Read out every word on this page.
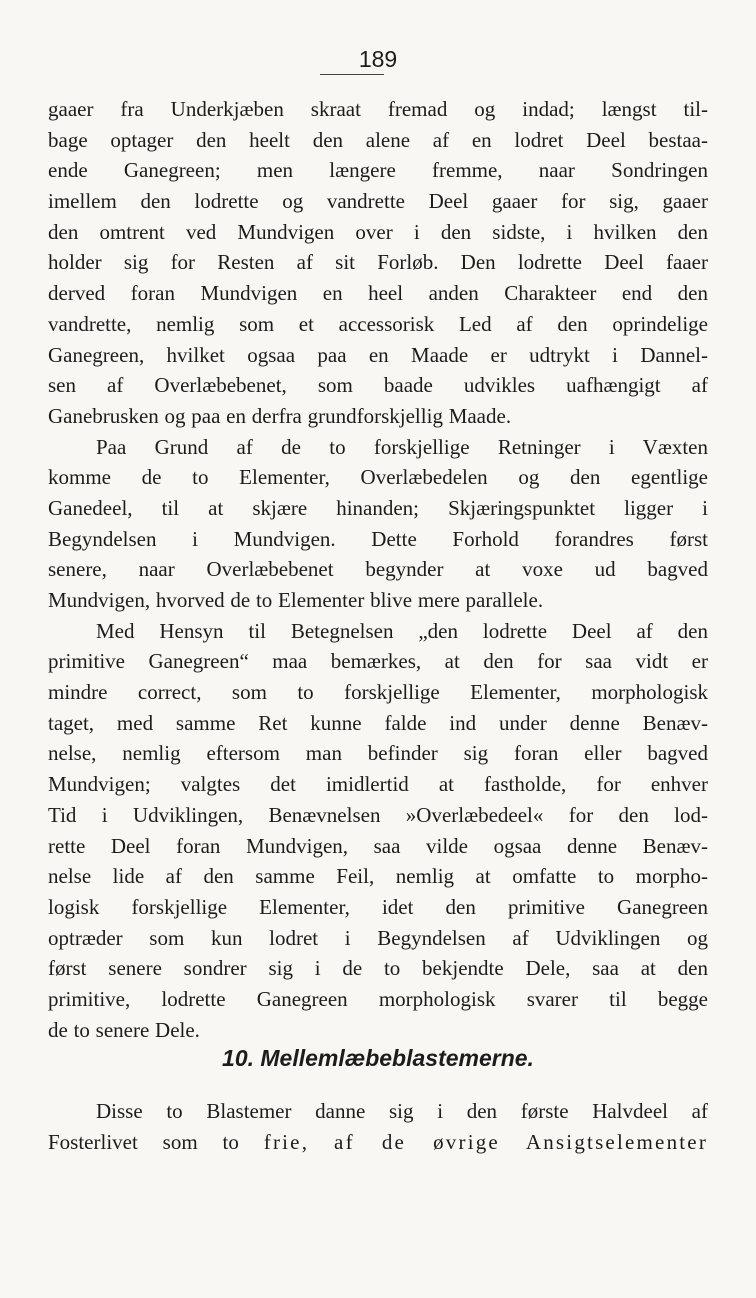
189
gaaer fra Underkjæben skraat fremad og indad; længst til-
bage optager den heelt den alene af en lodret Deel bestaa-
ende Ganegreen; men længere fremme, naar Sondringen
imellem den lodrette og vandrette Deel gaaer for sig, gaaer
den omtrent ved Mundvigen over i den sidste, i hvilken den
holder sig for Resten af sit Forløb. Den lodrette Deel faaer
derved foran Mundvigen en heel anden Charakteer end den
vandrette, nemlig som et accessorisk Led af den oprindelige
Ganegreen, hvilket ogsaa paa en Maade er udtrykt i Dannel-
sen af Overlæbebenet, som baade udvikles uafhængigt af
Ganebrusken og paa en derfra grundforskjellig Maade.
Paa Grund af de to forskjellige Retninger i Væxten
komme de to Elementer, Overlæbedelen og den egentlige
Ganedeel, til at skjære hinanden; Skjæringspunktet ligger i
Begyndelsen i Mundvigen. Dette Forhold forandres først
senere, naar Overlæbebenet begynder at voxe ud bagved
Mundvigen, hvorved de to Elementer blive mere parallele.
Med Hensyn til Betegnelsen „den lodrette Deel af den
primitive Ganegreen“ maa bemærkes, at den for saa vidt er
mindre correct, som to forskjellige Elementer, morphologisk
taget, med samme Ret kunne falde ind under denne Benæv-
nelse, nemlig eftersom man befinder sig foran eller bagved
Mundvigen; valgtes det imidlertid at fastholde, for enhver
Tid i Udviklingen, Benævnelsen »Overlæbedeel« for den lod-
rette Deel foran Mundvigen, saa vilde ogsaa denne Benæv-
nelse lide af den samme Feil, nemlig at omfatte to morpho-
logisk forskjellige Elementer, idet den primitive Ganegreen
optræder som kun lodret i Begyndelsen af Udviklingen og
først senere sondrer sig i de to bekjendte Dele, saa at den
primitive, lodrette Ganegreen morphologisk svarer til begge
de to senere Dele.
10. Mellemlæbeblastemerne.
Disse to Blastemer danne sig i den første Halvdeel af
Fosterlivet som to frie, af de øvrige Ansigtselementer
